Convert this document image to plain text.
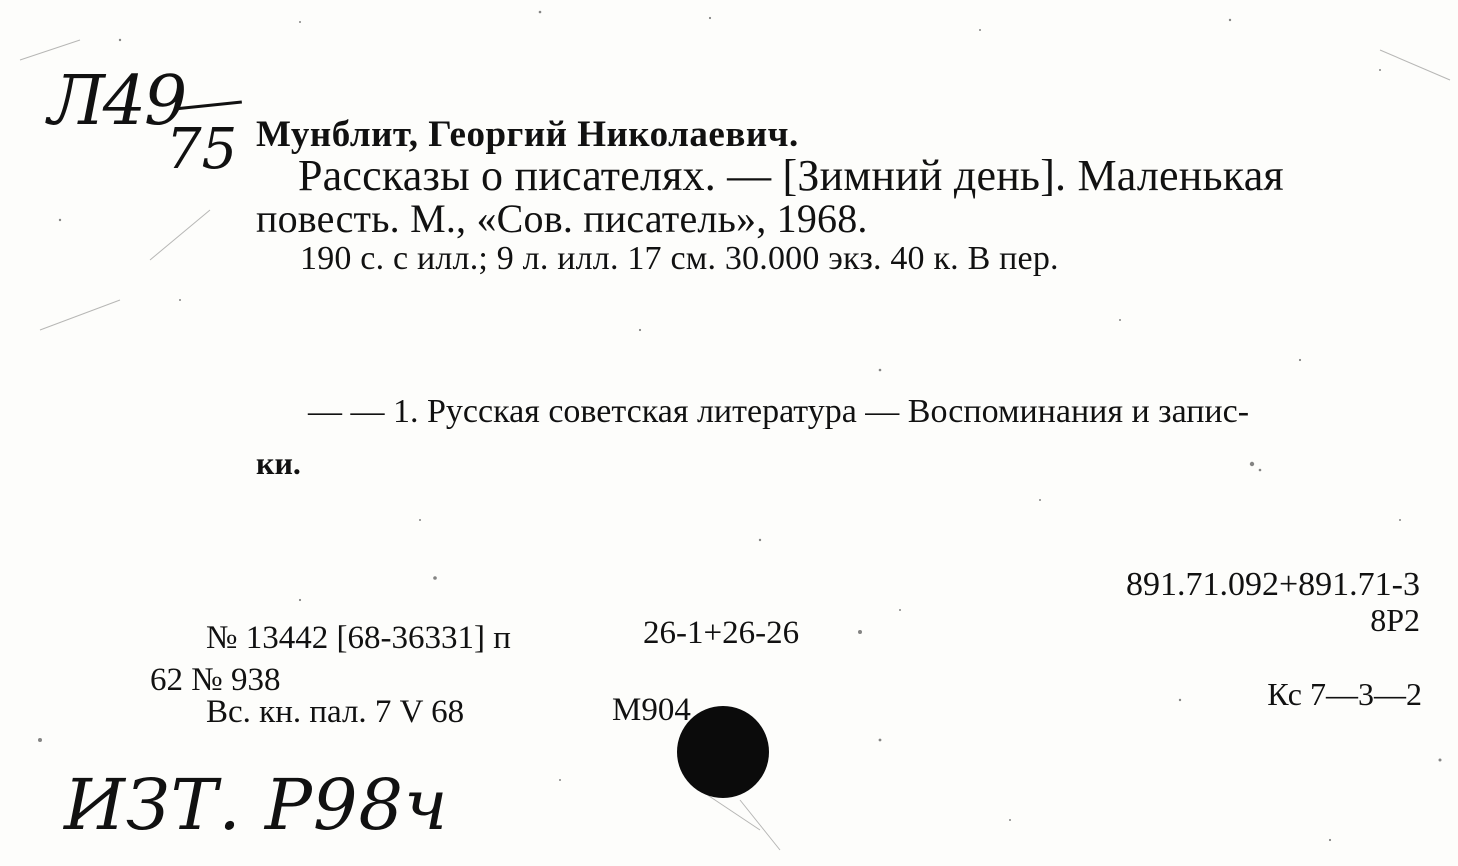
Л49
75 Мунблит, Георгий Николаевич.
Рассказы о писателях. — [Зимний день]. Маленькая
повесть. М., «Сов. писатель», 1968.
190 с. с илл.; 9 л. илл. 17 см. 30.000 экз. 40 к. В пер.
— — 1. Русская советская литература — Воспоминания и запис-
ки.
891.71.092+891.71-3
8Р2
Кс 7—3—2
№ 13442 [68-36331] п	26-1+26-26
62 № 938
Вс. кн. пал. 7 V 68	М904
ИЗТ. Р98ч
